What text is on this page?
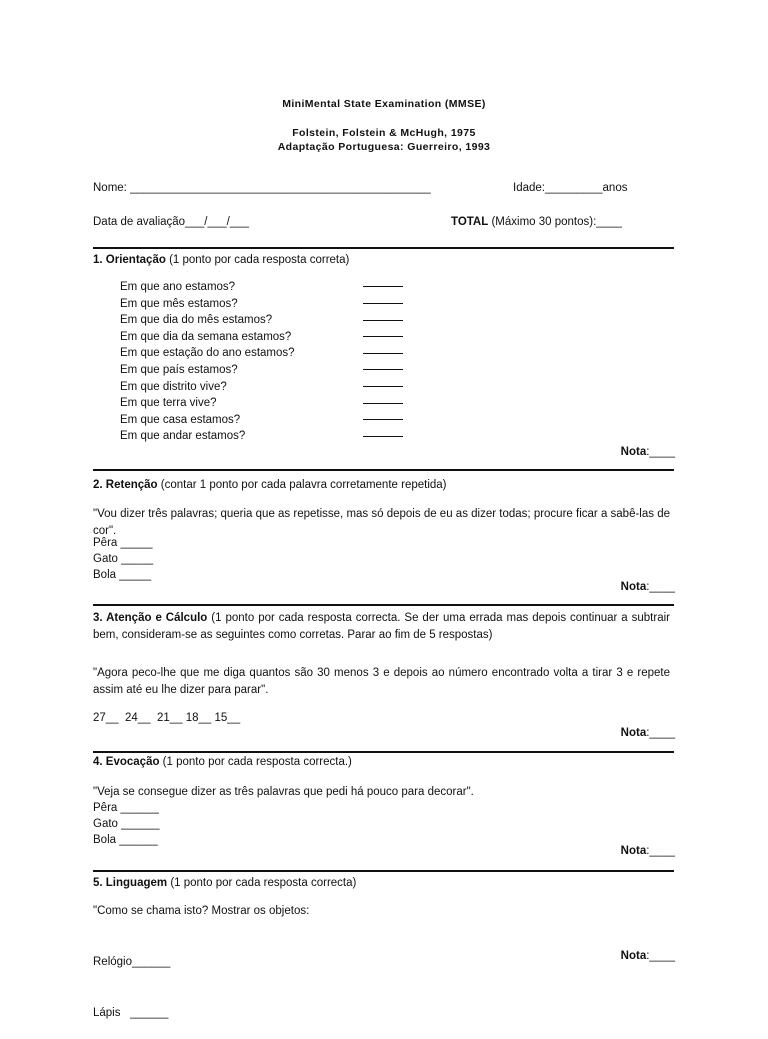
MiniMental State Examination (MMSE)
Folstein, Folstein & McHugh, 1975
Adaptação Portuguesa: Guerreiro, 1993
Nome: _______________________________________________	Idade:_________anos
Data de avaliação___/___/___	TOTAL (Máximo 30 pontos):____
1. Orientação (1 ponto por cada resposta correta)
Em que ano estamos?
Em que mês estamos?
Em que dia do mês estamos?
Em que dia da semana estamos?
Em que estação do ano estamos?
Em que país estamos?
Em que distrito vive?
Em que terra vive?
Em que casa estamos?
Em que andar estamos?
Nota:____
2. Retenção (contar 1 ponto por cada palavra corretamente repetida)
"Vou dizer três palavras; queria que as repetisse, mas só depois de eu as dizer todas; procure ficar a sabê-las de cor".
Pêra _____
Gato _____
Bola _____
Nota:____
3. Atenção e Cálculo (1 ponto por cada resposta correcta. Se der uma errada mas depois continuar a subtrair bem, consideram-se as seguintes como corretas. Parar ao fim de 5 respostas)
"Agora peco-lhe que me diga quantos são 30 menos 3 e depois ao número encontrado volta a tirar 3 e repete assim até eu lhe dizer para parar".
27__  24__  21__ 18__ 15__
Nota:____
4. Evocação (1 ponto por cada resposta correcta.)
"Veja se consegue dizer as três palavras que pedi há pouco para decorar".
Pêra ______
Gato ______
Bola ______
Nota:____
5. Linguagem (1 ponto por cada resposta correcta)
"Como se chama isto? Mostrar os objetos:

Relógio______

Lápis   ______

Nota:____
